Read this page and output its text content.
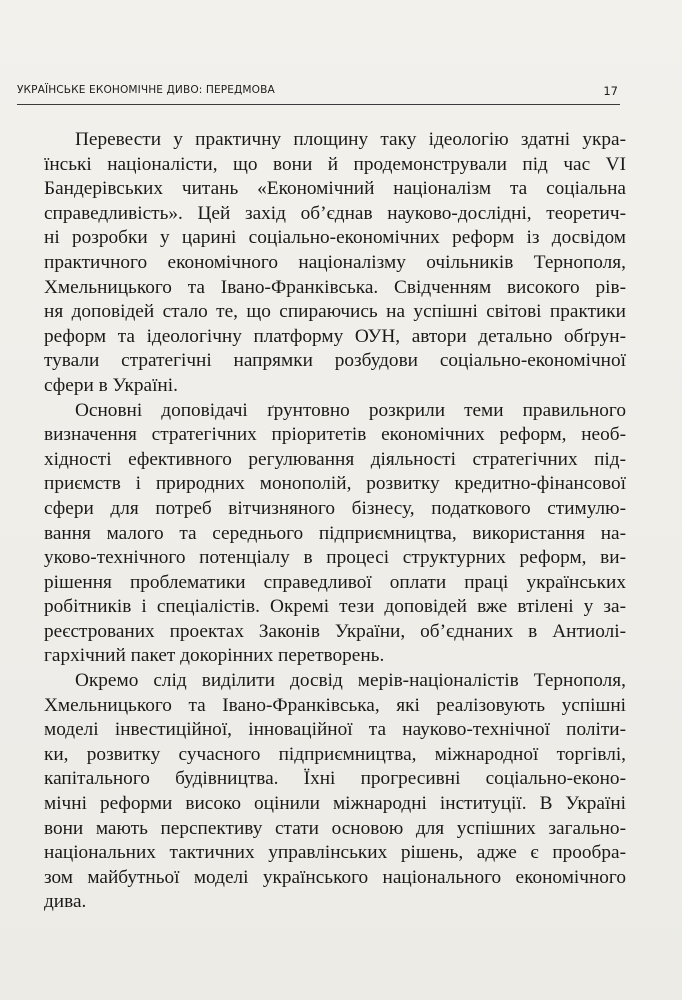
УКРАЇНСЬКЕ ЕКОНОМІЧНЕ ДИВО: ПЕРЕДМОВА	17
Перевести у практичну площину таку ідеологію здатні укра-
їнські націоналісти, що вони й продемонстрували під час VI
Бандерівських читань «Економічний націоналізм та соціальна
справедливість». Цей захід об’єднав науково-дослідні, теоретич-
ні розробки у царині соціально-економічних реформ із досвідом
практичного економічного націоналізму очільників Тернополя,
Хмельницького та Івано-Франківська. Свідченням високого рів-
ня доповідей стало те, що спираючись на успішні світові практики
реформ та ідеологічну платформу ОУН, автори детально обґрун-
тували стратегічні напрямки розбудови соціально-економічної
сфери в Україні.
Основні доповідачі ґрунтовно розкрили теми правильного
визначення стратегічних пріоритетів економічних реформ, необ-
хідності ефективного регулювання діяльності стратегічних під-
приємств і природних монополій, розвитку кредитно-фінансової
сфери для потреб вітчизняного бізнесу, податкового стимулю-
вання малого та середнього підприємництва, використання на-
уково-технічного потенціалу в процесі структурних реформ, ви-
рішення проблематики справедливої оплати праці українських
робітників і спеціалістів. Окремі тези доповідей вже втілені у за-
реєстрованих проектах Законів України, об’єднаних в Антиолі-
гархічний пакет докорінних перетворень.
Окремо слід виділити досвід мерів-націоналістів Тернополя,
Хмельницького та Івано-Франківська, які реалізовують успішні
моделі інвестиційної, інноваційної та науково-технічної політи-
ки, розвитку сучасного підприємництва, міжнародної торгівлі,
капітального будівництва. Їхні прогресивні соціально-еконо-
мічні реформи високо оцінили міжнародні інституції. В Україні
вони мають перспективу стати основою для успішних загально-
національних тактичних управлінських рішень, адже є прообра-
зом майбутньої моделі українського національного економічного
дива.
